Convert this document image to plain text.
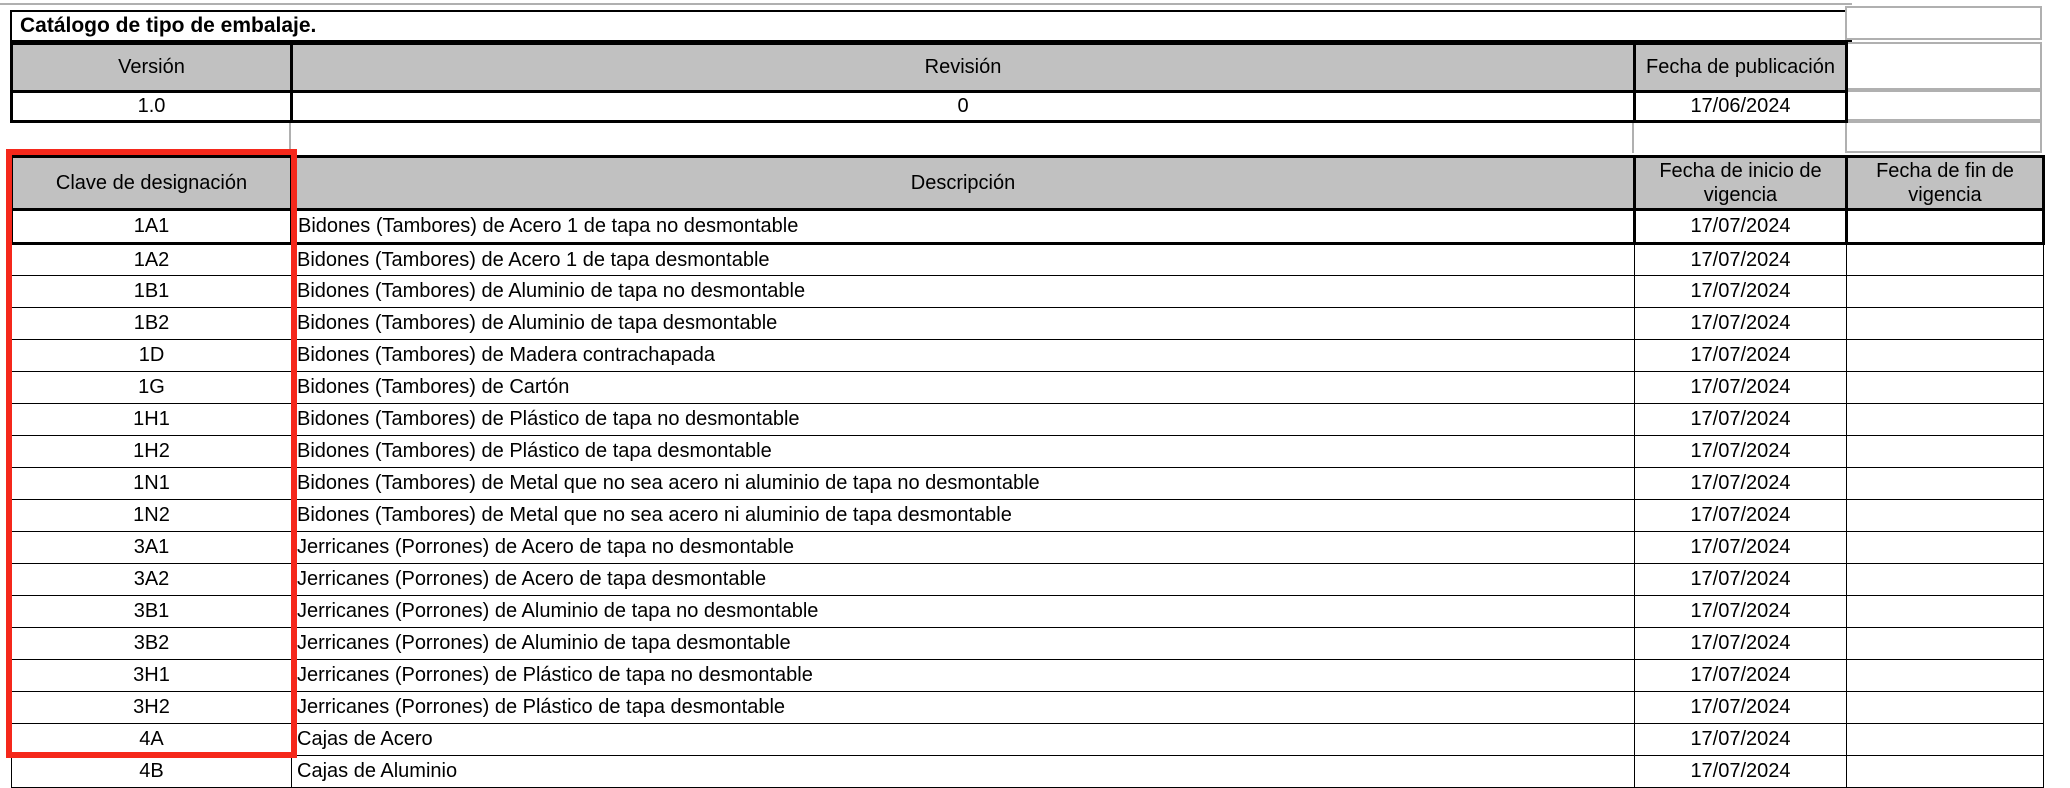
Catálogo de tipo de embalaje.
Versión	Revisión	Fecha de publicación
1.0	0	17/06/2024
Clave de designación	Descripción	Fecha de inicio de vigencia	Fecha de fin de vigencia
1A1	Bidones (Tambores) de Acero 1 de tapa no desmontable	17/07/2024	
1A2	Bidones (Tambores) de Acero 1 de tapa desmontable	17/07/2024	
1B1	Bidones (Tambores) de Aluminio de tapa no desmontable	17/07/2024	
1B2	Bidones (Tambores) de Aluminio de tapa desmontable	17/07/2024	
1D	Bidones (Tambores) de Madera contrachapada	17/07/2024	
1G	Bidones (Tambores) de Cartón	17/07/2024	
1H1	Bidones (Tambores) de Plástico de tapa no desmontable	17/07/2024	
1H2	Bidones (Tambores) de Plástico de tapa desmontable	17/07/2024	
1N1	Bidones (Tambores) de Metal que no sea acero ni aluminio de tapa no desmontable	17/07/2024	
1N2	Bidones (Tambores) de Metal que no sea acero ni aluminio de tapa desmontable	17/07/2024	
3A1	Jerricanes (Porrones) de Acero de tapa no desmontable	17/07/2024	
3A2	Jerricanes (Porrones) de Acero de tapa desmontable	17/07/2024	
3B1	Jerricanes (Porrones) de Aluminio de tapa no desmontable	17/07/2024	
3B2	Jerricanes (Porrones) de Aluminio de tapa desmontable	17/07/2024	
3H1	Jerricanes (Porrones) de Plástico de tapa no desmontable	17/07/2024	
3H2	Jerricanes (Porrones) de Plástico de tapa desmontable	17/07/2024	
4A	Cajas de Acero	17/07/2024	
4B	Cajas de Aluminio	17/07/2024	
